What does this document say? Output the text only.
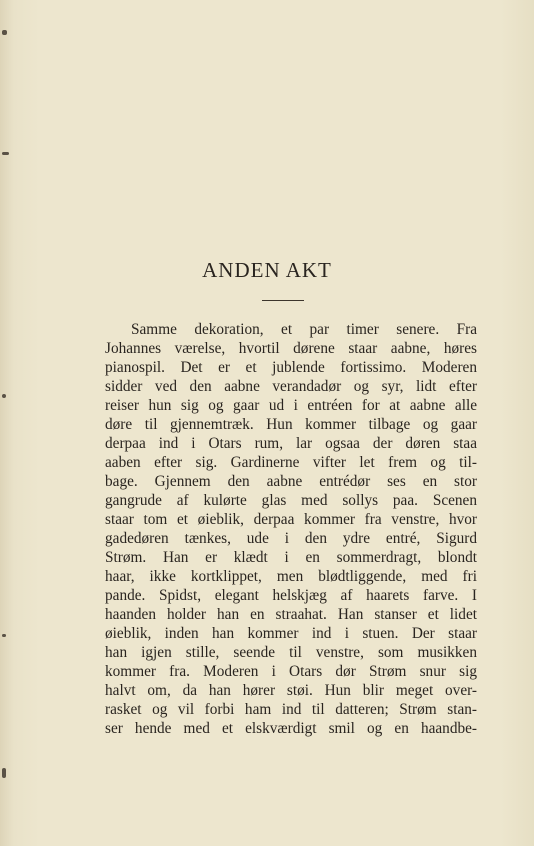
ANDEN AKT
Samme dekoration, et par timer senere. Fra
Johannes værelse, hvortil dørene staar aabne, høres
pianospil. Det er et jublende fortissimo. Moderen
sidder ved den aabne verandadør og syr, lidt efter
reiser hun sig og gaar ud i entréen for at aabne alle
døre til gjennemtræk. Hun kommer tilbage og gaar
derpaa ind i Otars rum, lar ogsaa der døren staa
aaben efter sig. Gardinerne vifter let frem og til-
bage. Gjennem den aabne entrédør ses en stor
gangrude af kulørte glas med sollys paa. Scenen
staar tom et øieblik, derpaa kommer fra venstre, hvor
gadedøren tænkes, ude i den ydre entré, Sigurd
Strøm. Han er klædt i en sommerdragt, blondt
haar, ikke kortklippet, men blødtliggende, med fri
pande. Spidst, elegant helskjæg af haarets farve. I
haanden holder han en straahat. Han stanser et lidet
øieblik, inden han kommer ind i stuen. Der staar
han igjen stille, seende til venstre, som musikken
kommer fra. Moderen i Otars dør Strøm snur sig
halvt om, da han hører støi. Hun blir meget over-
rasket og vil forbi ham ind til datteren; Strøm stan-
ser hende med et elskværdigt smil og en haandbe-
